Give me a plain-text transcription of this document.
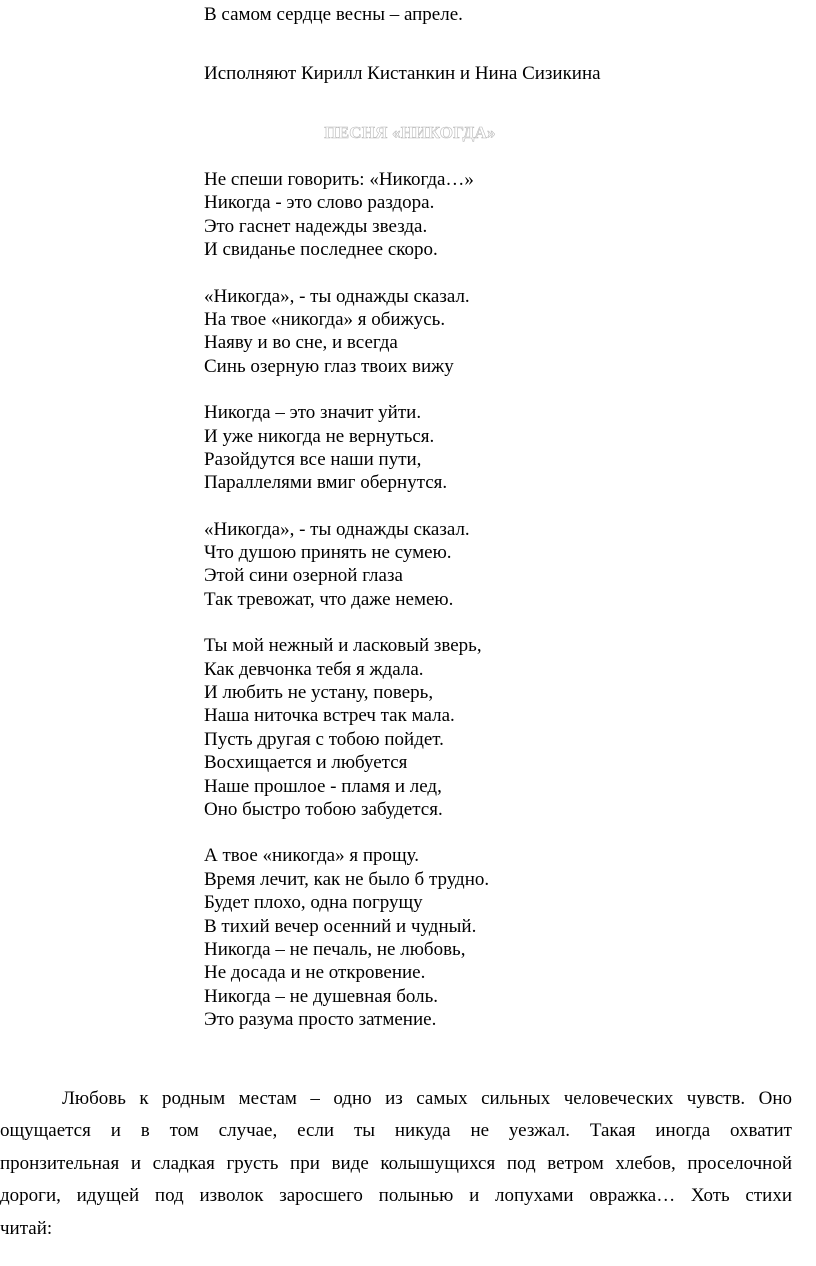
В самом сердце весны – апреле.
Исполняют Кирилл Кистанкин и Нина Сизикина
ПЕСНЯ «НИКОГДА»
Не спеши говорить: «Никогда…»
Никогда - это слово раздора.
Это гаснет надежды звезда.
И свиданье последнее скоро.
«Никогда», - ты однажды сказал.
На твое «никогда» я обижусь.
Наяву и во сне, и всегда
Синь озерную глаз твоих вижу
Никогда – это значит уйти.
И уже никогда не вернуться.
Разойдутся все наши пути,
Параллелями вмиг обернутся.
«Никогда», - ты однажды сказал.
Что душою принять не сумею.
Этой сини озерной глаза
Так тревожат, что даже немею.
Ты мой нежный и ласковый зверь,
Как девчонка тебя я ждала.
И любить не устану, поверь,
Наша ниточка встреч так мала.
Пусть другая с тобою пойдет.
Восхищается и любуется
Наше прошлое - пламя и лед,
Оно быстро тобою забудется.
А твое «никогда» я прощу.
Время лечит, как не было б трудно.
Будет плохо, одна погрущу
В тихий вечер осенний и чудный.
Никогда – не печаль, не любовь,
Не досада и не откровение.
Никогда – не душевная боль.
Это разума просто затмение.
Любовь к родным местам – одно из самых сильных человеческих чувств. Оно
ощущается и в том случае, если ты никуда не уезжал. Такая иногда охватит
пронзительная и сладкая грусть при виде колышущихся под ветром хлебов, проселочной
дороги, идущей под изволок заросшего полынью и лопухами овражка… Хоть стихи
читай:
